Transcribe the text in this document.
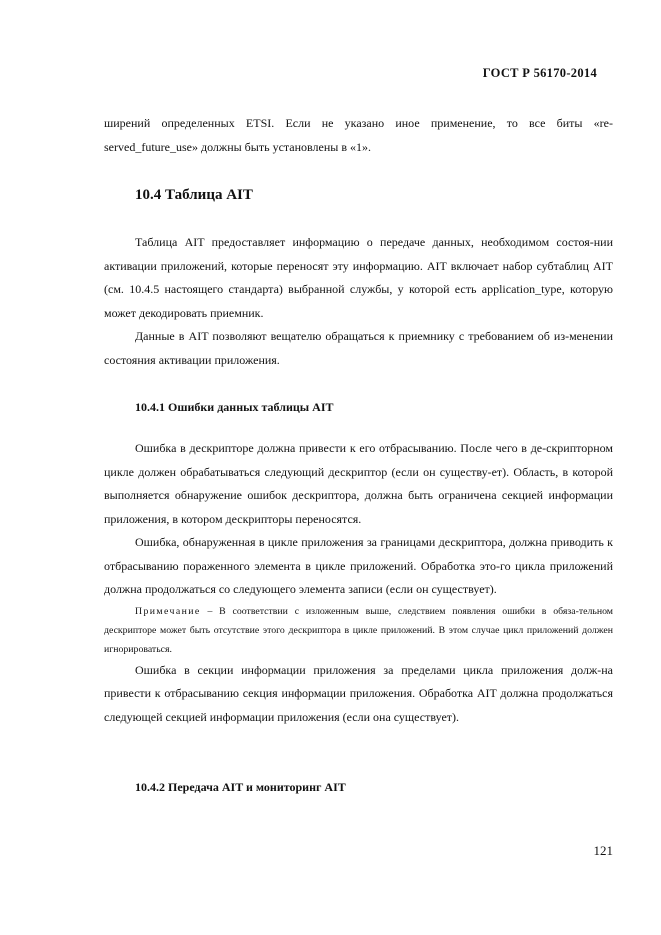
ГОСТ Р 56170-2014

ширений определенных ETSI. Если не указано иное применение, то все биты «re-served_future_use» должны быть установлены в «1».

10.4 Таблица AIT

Таблица AIT предоставляет информацию о передаче данных, необходимом состоя-нии активации приложений, которые переносят эту информацию. AIT включает набор субтаблиц AIT (см. 10.4.5 настоящего стандарта) выбранной службы, у которой есть application_type, которую может декодировать приемник.

Данные в AIT позволяют вещателю обращаться к приемнику с требованием об из-менении состояния активации приложения.

10.4.1 Ошибки данных таблицы AIT

Ошибка в дескрипторе должна привести к его отбрасыванию. После чего в де-скрипторном цикле должен обрабатываться следующий дескриптор (если он существу-ет). Область, в которой выполняется обнаружение ошибок дескриптора, должна быть ограничена секцией информации приложения, в котором дескрипторы переносятся.

Ошибка, обнаруженная в цикле приложения за границами дескриптора, должна приводить к отбрасыванию пораженного элемента в цикле приложений. Обработка это-го цикла приложений должна продолжаться со следующего элемента записи (если он существует).

Примечание – В соответствии с изложенным выше, следствием появления ошибки в обяза-тельном дескрипторе может быть отсутствие этого дескриптора в цикле приложений. В этом случае цикл приложений должен игнорироваться.

Ошибка в секции информации приложения за пределами цикла приложения долж-на привести к отбрасыванию секция информации приложения. Обработка AIT должна продолжаться следующей секцией информации приложения (если она существует).

10.4.2 Передача AIT и мониторинг AIT
121
